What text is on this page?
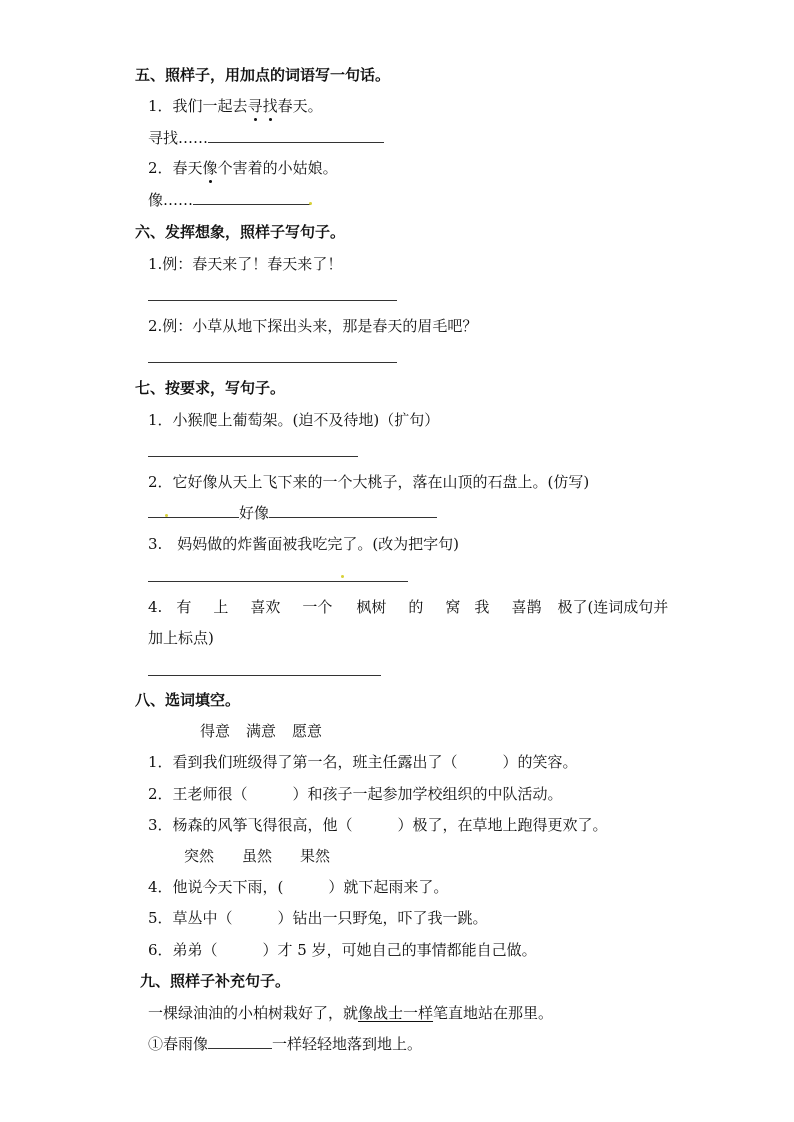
五、照样子，用加点的词语写一句话。
1．我们一起去寻找春天。
寻找……
2．春天像个害着的小姑娘。
像……
六、发挥想象，照样子写句子。
1.例：春天来了！春天来了！
2.例：小草从地下探出头来，那是春天的眉毛吧？
七、按要求，写句子。
1．小猴爬上葡萄架。(迫不及待地)（扩句）
2．它好像从天上飞下来的一个大桃子，落在山顶的石盘上。(仿写)
好像
3.　妈妈做的炸酱面被我吃完了。(改为把字句)
4. 有 上 喜欢 一个 枫树 的 窝 我 喜鹊 极了(连词成句并
加上标点)
八、选词填空。
得意 满意 愿意
1．看到我们班级得了第一名，班主任露出了（　　　）的笑容。
2．王老师很（　　　）和孩子一起参加学校组织的中队活动。
3．杨森的风筝飞得很高，他（　　　）极了，在草地上跑得更欢了。
突然 虽然 果然
4．他说今天下雨，(　　　）就下起雨来了。
5．草丛中（　　　）钻出一只野兔，吓了我一跳。
6．弟弟（　　　）才 5 岁，可她自己的事情都能自己做。
九、照样子补充句子。
一棵绿油油的小柏树栽好了，就像战士一样笔直地站在那里。
①春雨像	一样轻轻地落到地上。
